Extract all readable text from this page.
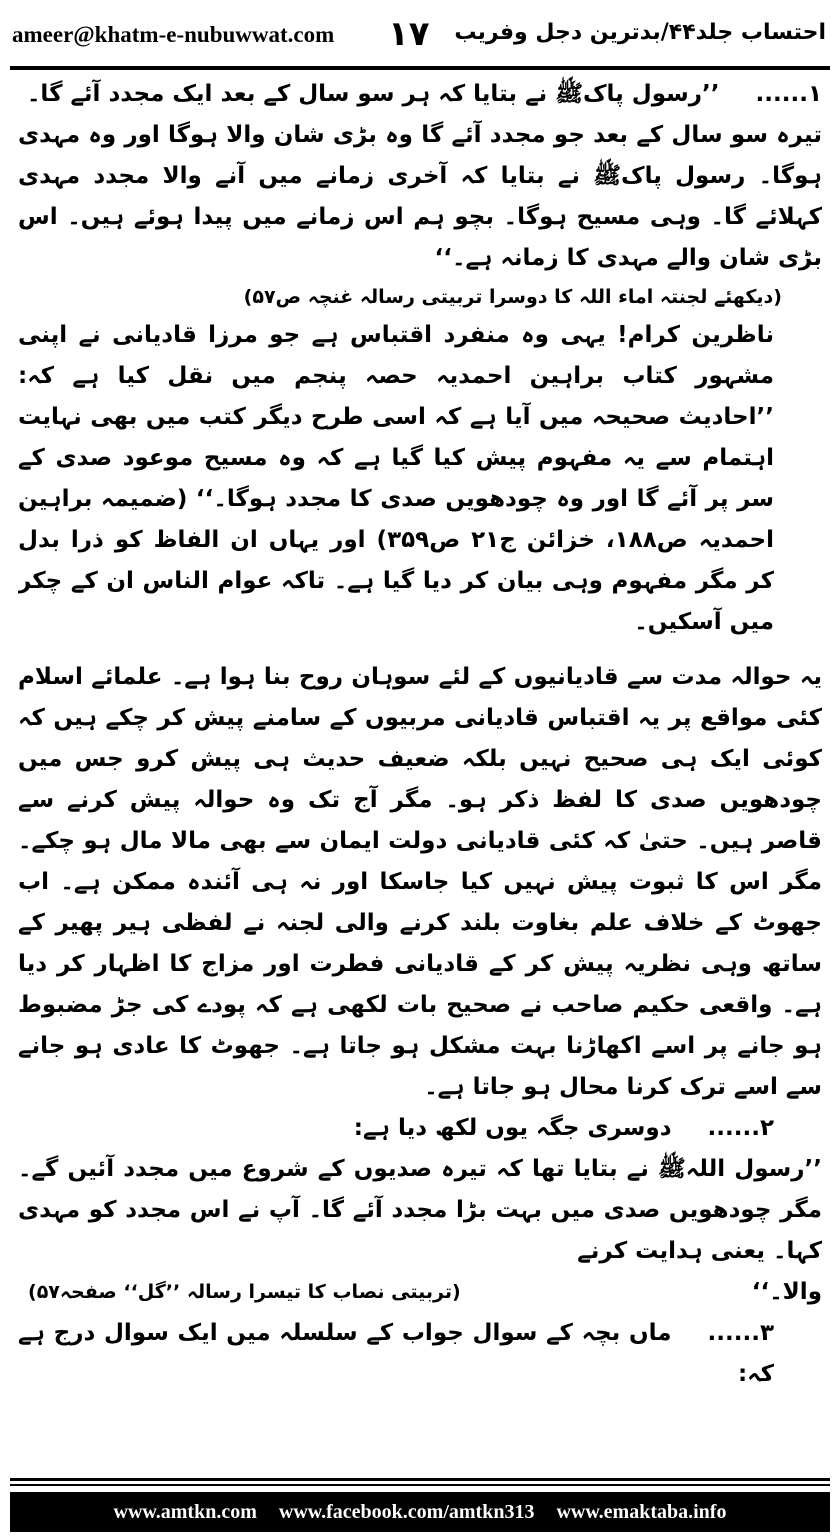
ameer@khatm-e-nubuwwat.com ۱۷ احتساب جلد۴۴/بدترین دجل وفریب

۱......’’رسول پاکﷺ نے بتایا کہ ہر سو سال کے بعد ایک مجدد آئے گا۔

تیرہ سو سال کے بعد جو مجدد آئے گا وہ بڑی شان والا ہوگا اور وہ مہدی ہوگا۔ رسول پاکﷺ نے بتایا کہ آخری زمانے میں آنے والا مجدد مہدی کہلائے گا۔ وہی مسیح ہوگا۔ بچو ہم اس زمانے میں پیدا ہوئے ہیں۔ اس بڑی شان والے مہدی کا زمانہ ہے۔‘‘

(دیکھئے لجنتہ اماء اللہ کا دوسرا تربیتی رسالہ غنچہ ص۵۷)

ناظرین کرام! یہی وہ منفرد اقتباس ہے جو مرزا قادیانی نے اپنی مشہور کتاب براہین احمدیہ حصہ پنجم میں نقل کیا ہے کہ: ’’احادیث صحیحہ میں آیا ہے کہ اسی طرح دیگر کتب میں بھی نہایت اہتمام سے یہ مفہوم پیش کیا گیا ہے کہ وہ مسیح موعود صدی کے سر پر آئے گا اور وہ چودھویں صدی کا مجدد ہوگا۔‘‘ (ضمیمہ براہین احمدیہ ص۱۸۸، خزائن ج۲۱ ص۳۵۹) اور یہاں ان الفاظ کو ذرا بدل کر مگر مفہوم وہی بیان کر دیا گیا ہے۔ تاکہ عوام الناس ان کے چکر میں آسکیں۔

یہ حوالہ مدت سے قادیانیوں کے لئے سوہان روح بنا ہوا ہے۔ علمائے اسلام کئی مواقع پر یہ اقتباس قادیانی مربیوں کے سامنے پیش کر چکے ہیں کہ کوئی ایک ہی صحیح نہیں بلکہ ضعیف حدیث ہی پیش کرو جس میں چودھویں صدی کا لفظ ذکر ہو۔ مگر آج تک وہ حوالہ پیش کرنے سے قاصر ہیں۔ حتیٰ کہ کئی قادیانی دولت ایمان سے بھی مالا مال ہو چکے۔ مگر اس کا ثبوت پیش نہیں کیا جاسکا اور نہ ہی آئندہ ممکن ہے۔ اب جھوٹ کے خلاف علم بغاوت بلند کرنے والی لجنہ نے لفظی ہیر پھیر کے ساتھ وہی نظریہ پیش کر کے قادیانی فطرت اور مزاج کا اظہار کر دیا ہے۔ واقعی حکیم صاحب نے صحیح بات لکھی ہے کہ پودے کی جڑ مضبوط ہو جانے پر اسے اکھاڑنا بہت مشکل ہو جاتا ہے۔ جھوٹ کا عادی ہو جانے سے اسے ترک کرنا محال ہو جاتا ہے۔

۲......دوسری جگہ یوں لکھ دیا ہے:

’’رسول اللہﷺ نے بتایا تھا کہ تیرہ صدیوں کے شروع میں مجدد آئیں گے۔ مگر چودھویں صدی میں بہت بڑا مجدد آئے گا۔ آپ نے اس مجدد کو مہدی کہا۔ یعنی ہدایت کرنے

والا۔‘‘
(تربیتی نصاب کا تیسرا رسالہ ’’گل‘‘ صفحہ۵۷)

۳......ماں بچہ کے سوال جواب کے سلسلہ میں ایک سوال درج ہے کہ:

www.amtkn.com www.facebook.com/amtkn313 www.emaktaba.info
